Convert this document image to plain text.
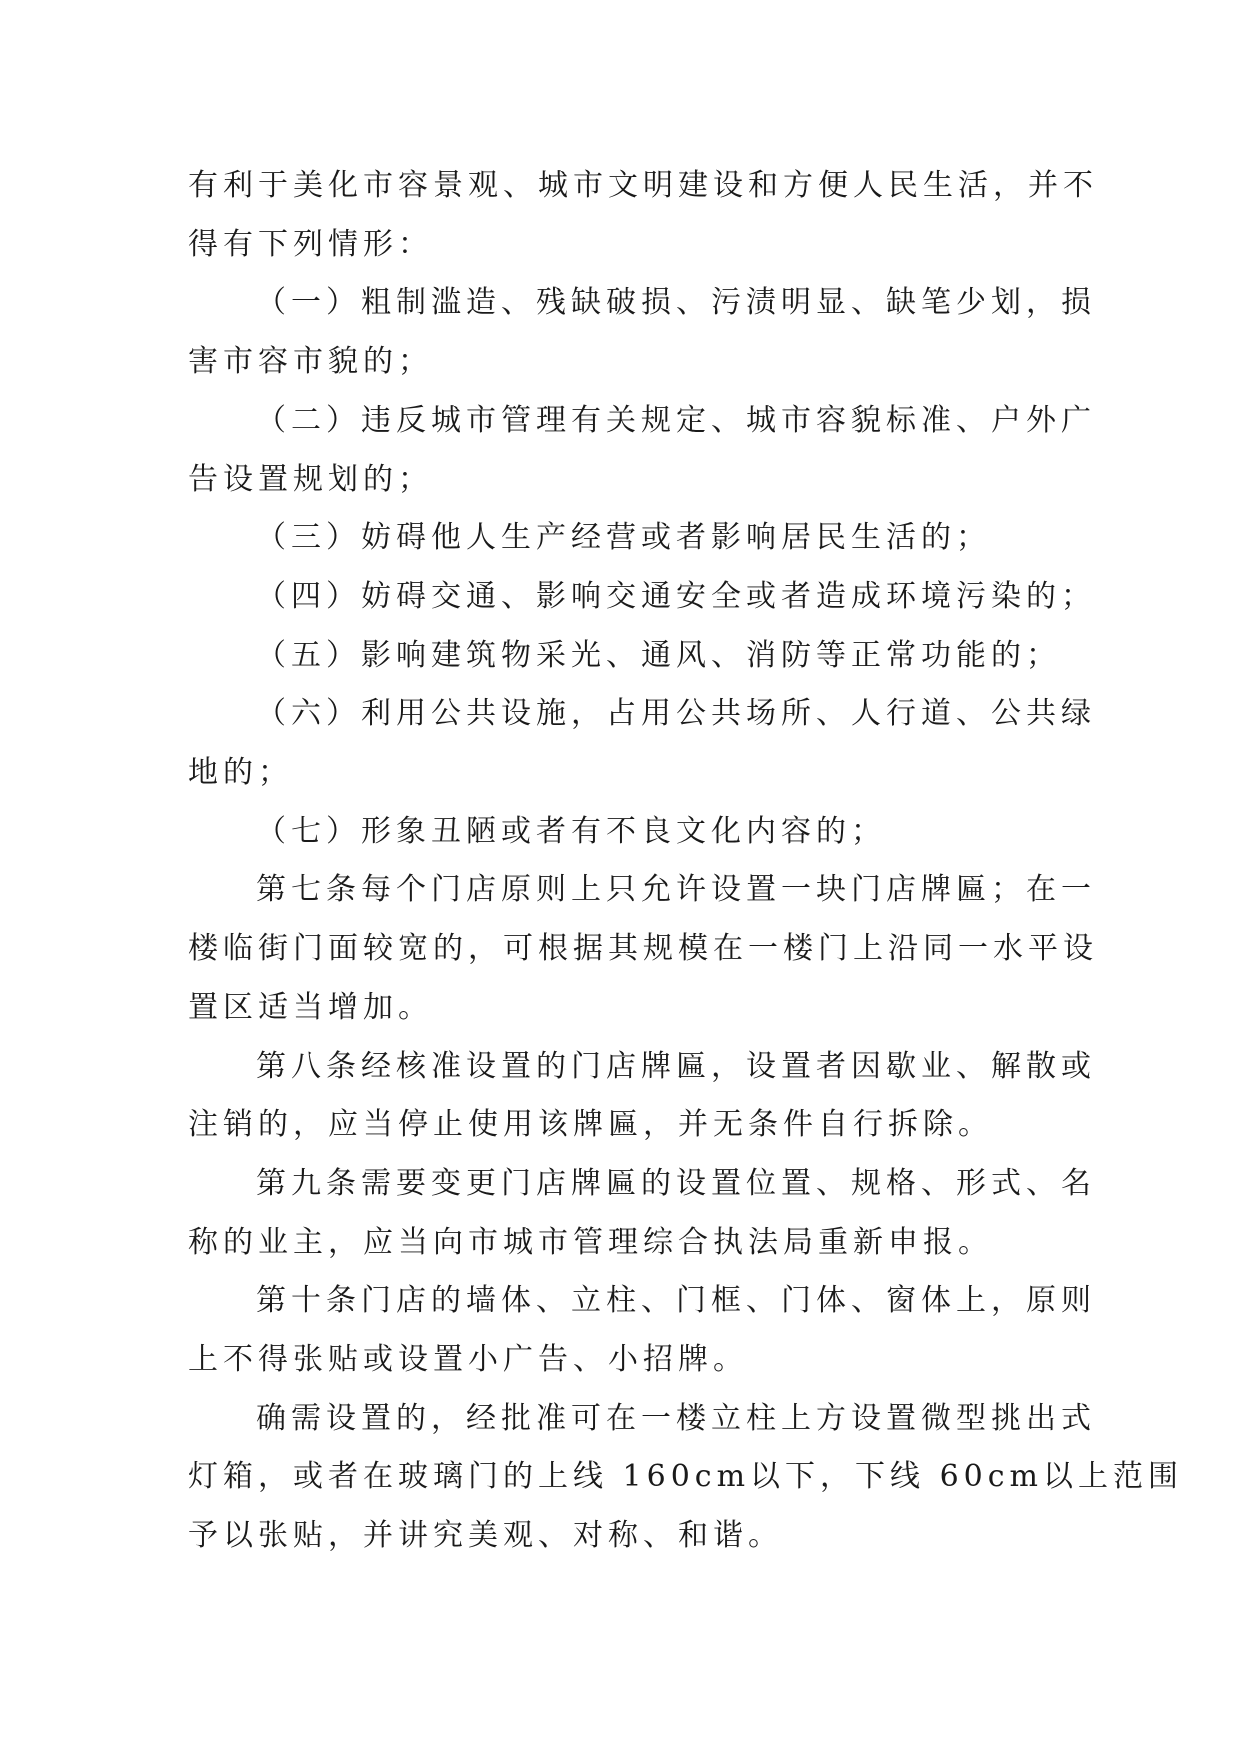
有利于美化市容景观、城市文明建设和方便人民生活，并不
得有下列情形：

（一）粗制滥造、残缺破损、污渍明显、缺笔少划，损
害市容市貌的；

（二）违反城市管理有关规定、城市容貌标准、户外广
告设置规划的；

（三）妨碍他人生产经营或者影响居民生活的；

（四）妨碍交通、影响交通安全或者造成环境污染的；

（五）影响建筑物采光、通风、消防等正常功能的；

（六）利用公共设施，占用公共场所、人行道、公共绿
地的；

（七）形象丑陋或者有不良文化内容的；

第七条每个门店原则上只允许设置一块门店牌匾；在一
楼临街门面较宽的，可根据其规模在一楼门上沿同一水平设
置区适当增加。

第八条经核准设置的门店牌匾，设置者因歇业、解散或
注销的，应当停止使用该牌匾，并无条件自行拆除。

第九条需要变更门店牌匾的设置位置、规格、形式、名
称的业主，应当向市城市管理综合执法局重新申报。

第十条门店的墙体、立柱、门框、门体、窗体上，原则
上不得张贴或设置小广告、小招牌。

确需设置的，经批准可在一楼立柱上方设置微型挑出式
灯箱，或者在玻璃门的上线 160cm以下，下线 60cm以上范围
予以张贴，并讲究美观、对称、和谐。
